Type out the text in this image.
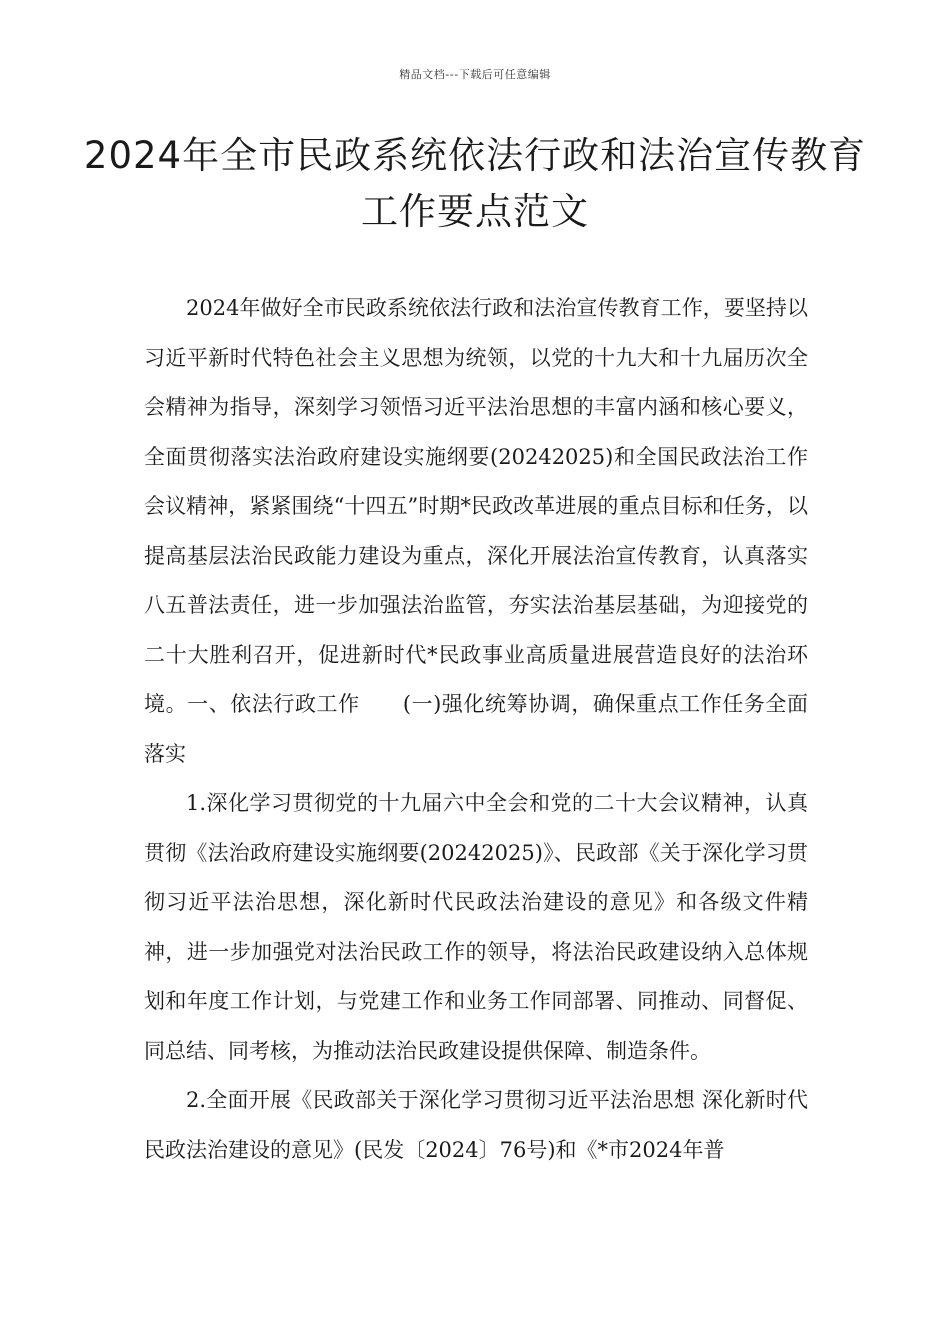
精品文档---下载后可任意编辑
2024年全市民政系统依法行政和法治宣传教育工作要点范文

2024年做好全市民政系统依法行政和法治宣传教育工作，要坚持以习近平新时代特色社会主义思想为统领，以党的十九大和十九届历次全会精神为指导，深刻学习领悟习近平法治思想的丰富内涵和核心要义，全面贯彻落实法治政府建设实施纲要(20242025)和全国民政法治工作会议精神，紧紧围绕“十四五”时期*民政改革进展的重点目标和任务，以提高基层法治民政能力建设为重点，深化开展法治宣传教育，认真落实八五普法责任，进一步加强法治监管，夯实法治基层基础，为迎接党的二十大胜利召开，促进新时代*民政事业高质量进展营造良好的法治环境。一、依法行政工作　　(一)强化统筹协调，确保重点工作任务全面落实

1.深化学习贯彻党的十九届六中全会和党的二十大会议精神，认真贯彻《法治政府建设实施纲要(20242025)》、民政部《关于深化学习贯彻习近平法治思想，深化新时代民政法治建设的意见》和各级文件精神，进一步加强党对法治民政工作的领导，将法治民政建设纳入总体规划和年度工作计划，与党建工作和业务工作同部署、同推动、同督促、同总结、同考核，为推动法治民政建设提供保障、制造条件。

2.全面开展《民政部关于深化学习贯彻习近平法治思想 深化新时代民政法治建设的意见》(民发〔2024〕76号)和《*市2024年普
